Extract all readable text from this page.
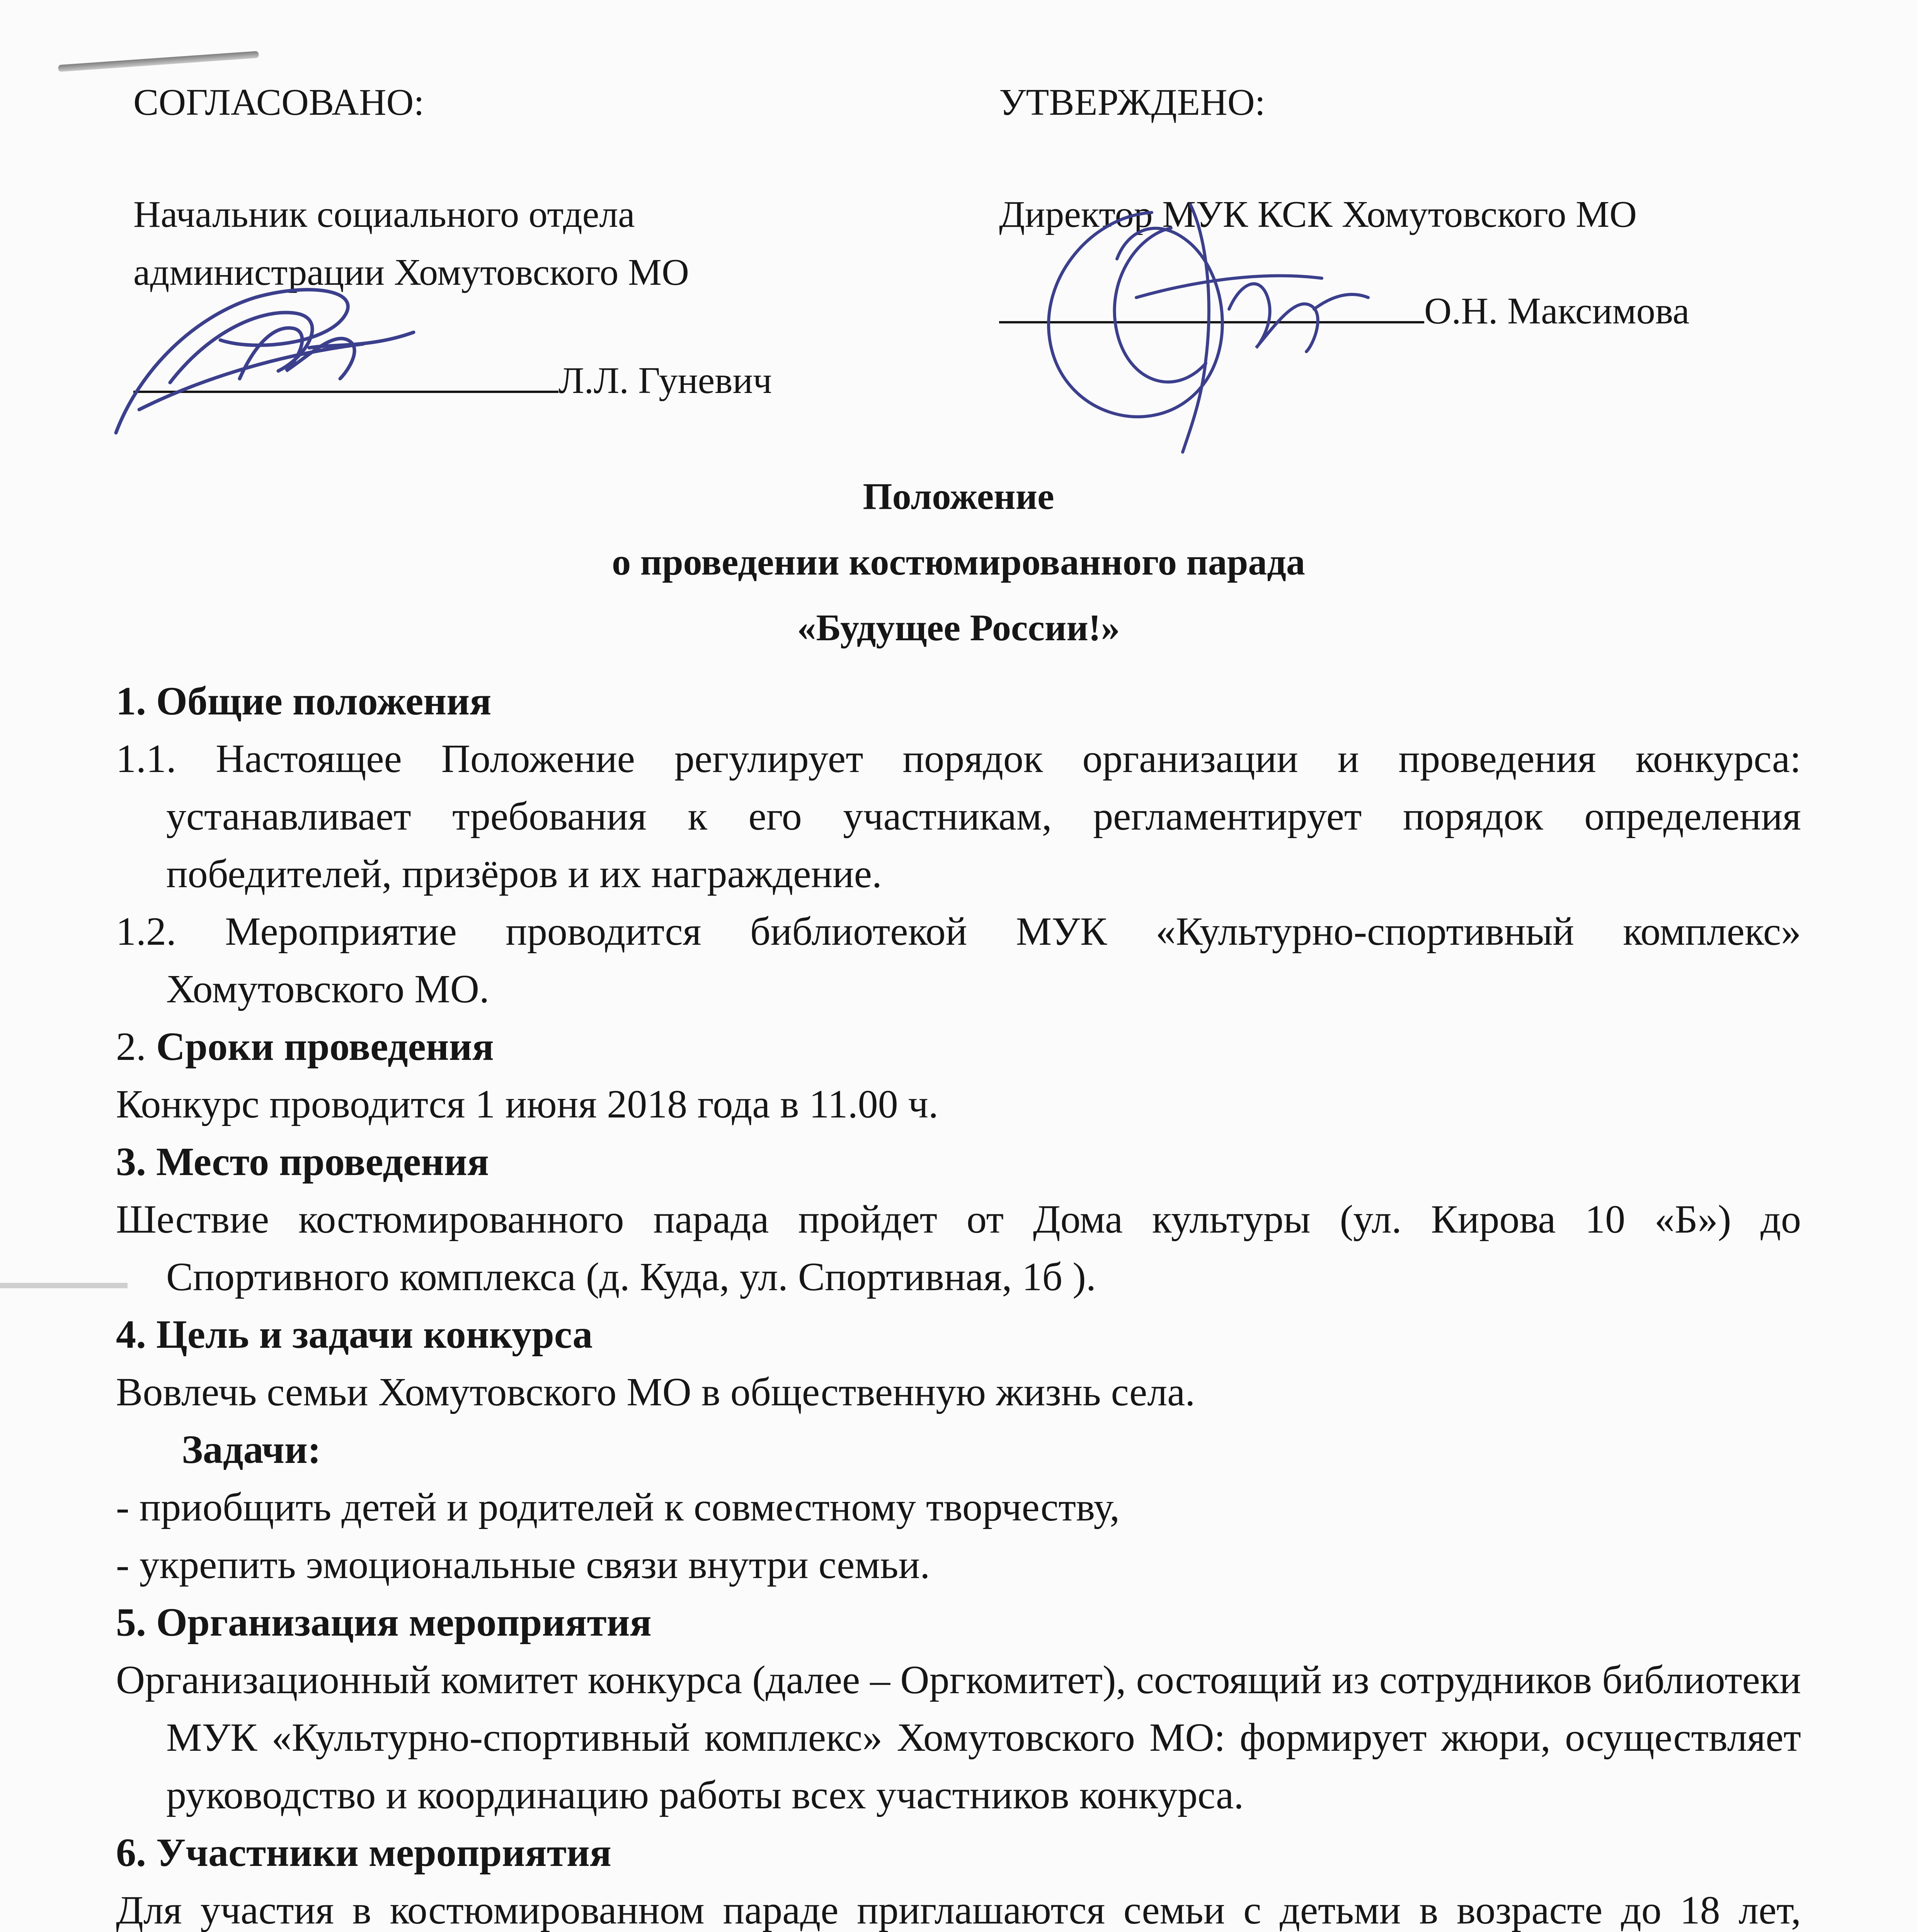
СОГЛАСОВАНО:
Начальник социального отдела
администрации Хомутовского МО
Л.Л. Гуневич
УТВЕРЖДЕНО:
Директор МУК КСК Хомутовского МО
О.Н. Максимова
Положение
о проведении костюмированного парада
«Будущее России!»
1. Общие положения
1.1. Настоящее Положение регулирует порядок организации и проведения конкурса: устанавливает требования к его участникам, регламентирует порядок определения победителей, призёров и их награждение.
1.2. Мероприятие проводится библиотекой МУК «Культурно-спортивный комплекс» Хомутовского МО.
2. Сроки проведения
Конкурс проводится 1 июня 2018 года в 11.00 ч.
3. Место проведения
Шествие костюмированного парада пройдет от Дома культуры (ул. Кирова 10 «Б») до Спортивного комплекса (д. Куда, ул. Спортивная, 1б ).
4. Цель и задачи конкурса
Вовлечь семьи Хомутовского МО в общественную жизнь села.
Задачи:
- приобщить детей и родителей к совместному творчеству,
- укрепить эмоциональные связи внутри семьи.
5. Организация мероприятия
Организационный комитет конкурса (далее – Оргкомитет), состоящий из сотрудников библиотеки МУК «Культурно-спортивный комплекс» Хомутовского МО: формирует жюри, осуществляет руководство и координацию работы всех участников конкурса.
6. Участники мероприятия
Для участия в костюмированном параде приглашаются семьи с детьми в возрасте до 18 лет,
